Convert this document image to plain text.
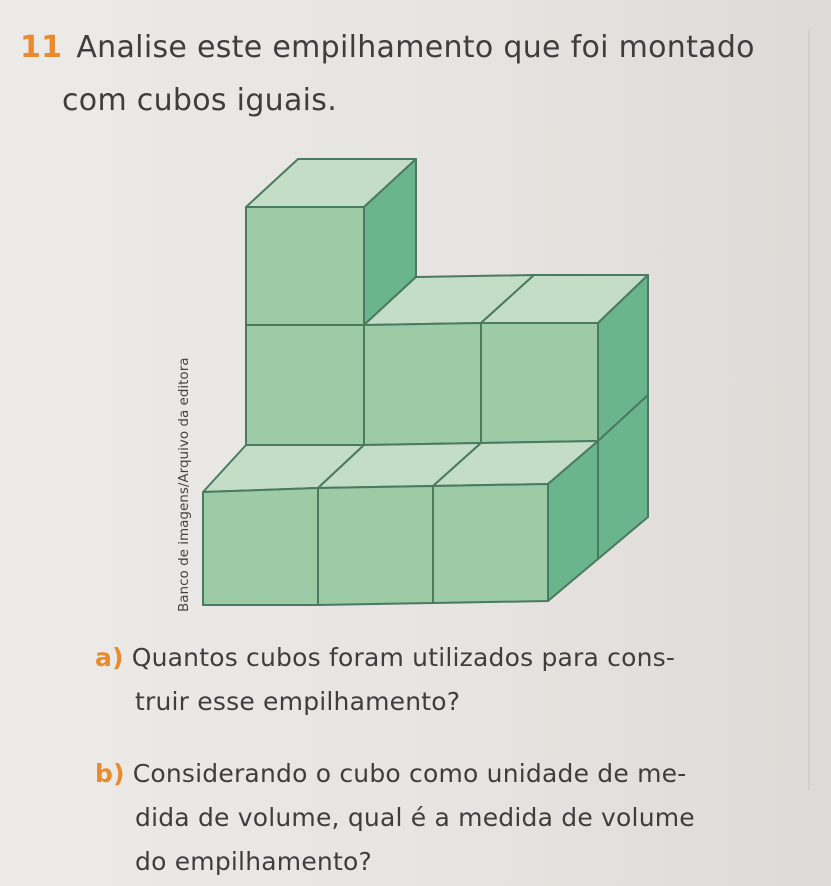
11 Analise este empilhamento que foi montado
com cubos iguais.
Banco de imagens/Arquivo da editora
a) Quantos cubos foram utilizados para cons-
truir esse empilhamento?
b) Considerando o cubo como unidade de me-
dida de volume, qual é a medida de volume
do empilhamento?
